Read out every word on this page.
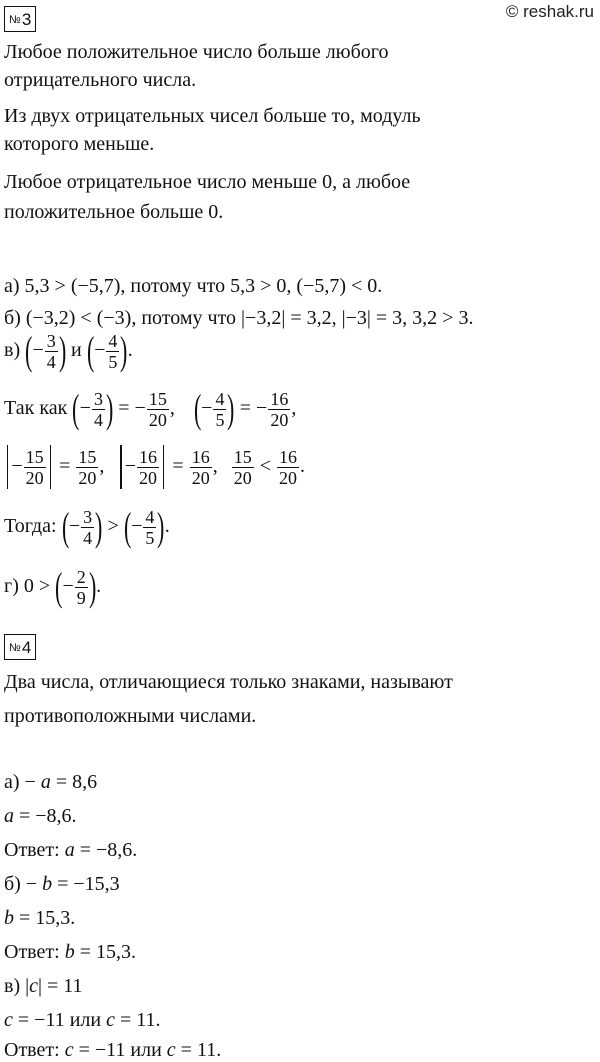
© reshak.ru
№3
Любое положительное число больше любого
отрицательного числа.
Из двух отрицательных чисел больше то, модуль
которого меньше.
Любое отрицательное число меньше 0, а любое
положительное больше 0.
а) 5,3 > (−5,7), потому что 5,3 > 0, (−5,7) < 0.
б) (−3,2) < (−3), потому что |−3,2| = 3,2, |−3| = 3, 3,2 > 3.
в) (− $\frac{3}{4}$ ) и (− $\frac{4}{5}$ ).
Так как (− $\frac{3}{4}$ ) = − $\frac{15}{20}$ , (− $\frac{4}{5}$ ) = − $\frac{16}{20}$ ,
− $\frac{15}{20} = \frac{15}{20}$ , − $\frac{16}{20} = \frac{16}{20}$ , $\frac{15}{20} < \frac{16}{20}$ .
Тогда: (− $\frac{3}{4}$ ) > (− $\frac{4}{5}$ ).
г) 0 > (− $\frac{2}{9}$ ).
№4
Два числа, отличающиеся только знаками, называют
противоположными числами.
а) − a = 8,6
a = −8,6.
Ответ: a = −8,6.
б) − b = −15,3
b = 15,3.
Ответ: b = 15,3.
в) |c| = 11
c = −11 или c = 11.
Ответ: c = −11 или c = 11.
